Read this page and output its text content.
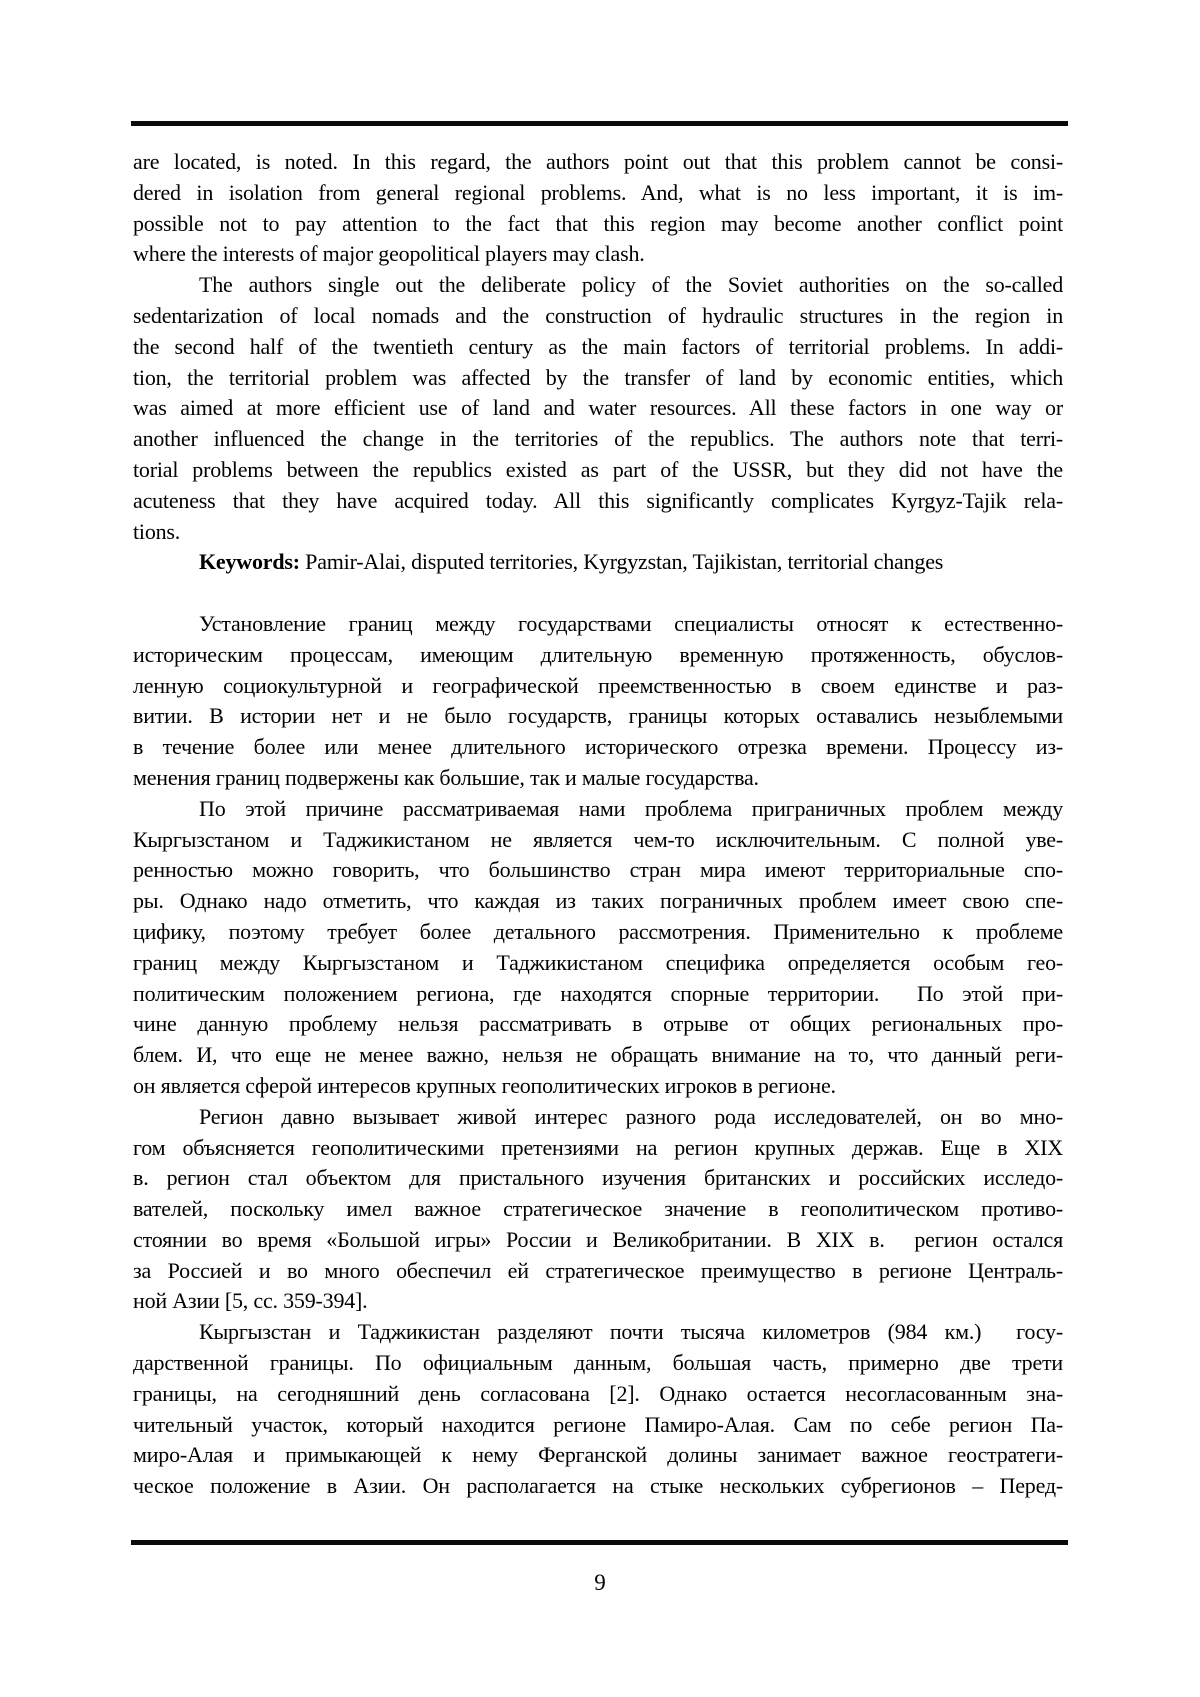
are located, is noted. In this regard, the authors point out that this problem cannot be consi-
dered in isolation from general regional problems. And, what is no less important, it is im-
possible not to pay attention to the fact that this region may become another conflict point
where the interests of major geopolitical players may clash.
The authors single out the deliberate policy of the Soviet authorities on the so-called
sedentarization of local nomads and the construction of hydraulic structures in the region in
the second half of the twentieth century as the main factors of territorial problems. In addi-
tion, the territorial problem was affected by the transfer of land by economic entities, which
was aimed at more efficient use of land and water resources. All these factors in one way or
another influenced the change in the territories of the republics. The authors note that terri-
torial problems between the republics existed as part of the USSR, but they did not have the
acuteness that they have acquired today. All this significantly complicates Kyrgyz-Tajik rela-
tions.
Keywords: Pamir-Alai, disputed territories, Kyrgyzstan, Tajikistan, territorial changes
Установление границ между государствами специалисты относят к естественно-
историческим процессам, имеющим длительную временную протяженность, обуслов-
ленную социокультурной и географической преемственностью в своем единстве и раз-
витии. В истории нет и не было государств, границы которых оставались незыблемыми
в течение более или менее длительного исторического отрезка времени. Процессу из-
менения границ подвержены как большие, так и малые государства.
По этой причине рассматриваемая нами проблема приграничных проблем между
Кыргызстаном и Таджикистаном не является чем-то исключительным. С полной уве-
ренностью можно говорить, что большинство стран мира имеют территориальные спо-
ры. Однако надо отметить, что каждая из таких пограничных проблем имеет свою спе-
цифику, поэтому требует более детального рассмотрения. Применительно к проблеме
границ между Кыргызстаном и Таджикистаном специфика определяется особым гео-
политическим положением региона, где находятся спорные территории.  По этой при-
чине данную проблему нельзя рассматривать в отрыве от общих региональных про-
блем. И, что еще не менее важно, нельзя не обращать внимание на то, что данный реги-
он является сферой интересов крупных геополитических игроков в регионе.
Регион давно вызывает живой интерес разного рода исследователей, он во мно-
гом объясняется геополитическими претензиями на регион крупных держав. Еще в XIX
в. регион стал объектом для пристального изучения британских и российских исследо-
вателей, поскольку имел важное стратегическое значение в геополитическом противо-
стоянии во время «Большой игры» России и Великобритании. В XIX в.  регион остался
за Россией и во много обеспечил ей стратегическое преимущество в регионе Централь-
ной Азии [5, сс. 359-394].
Кыргызстан и Таджикистан разделяют почти тысяча километров (984 км.)  госу-
дарственной границы. По официальным данным, большая часть, примерно две трети
границы, на сегодняшний день согласована [2]. Однако остается несогласованным зна-
чительный участок, который находится регионе Памиро-Алая. Сам по себе регион Па-
миро-Алая и примыкающей к нему Ферганской долины занимает важное геостратеги-
ческое положение в Азии. Он располагается на стыке нескольких субрегионов – Перед-
9
